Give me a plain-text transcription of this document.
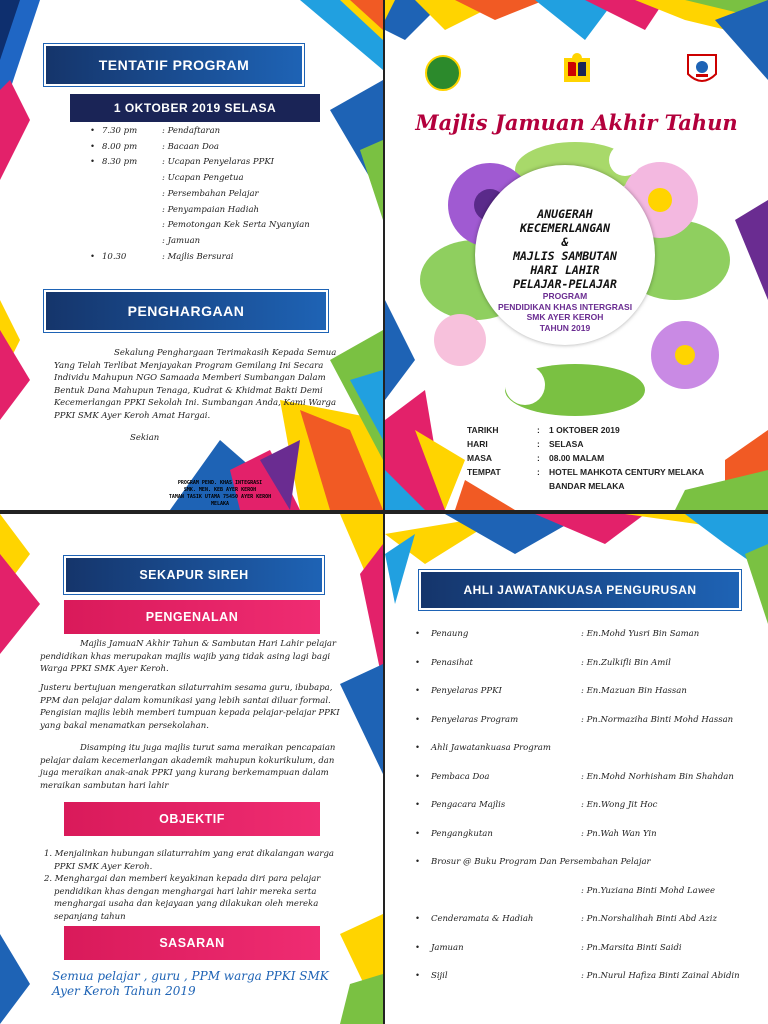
TENTATIF PROGRAM
1 OKTOBER 2019 SELASA
• 7.30 pm	: Pendaftaran
• 8.00 pm	: Bacaan Doa
• 8.30 pm	: Ucapan Penyelaras PPKI
: Ucapan Pengetua
: Persembahan Pelajar
: Penyampaian Hadiah
: Pemotongan Kek Serta Nyanyian
: Jamuan
• 10.30	: Majlis Bersurai
PENGHARGAAN
Sekalung Penghargaan Terimakasih Kepada Semua Yang Telah Terlibat Menjayakan Program Gemilang Ini Secara Individu Mahupun NGO Samaada Memberi Sumbangan Dalam Bentuk Dana Mahupun Tenaga, Kudrat & Khidmat Bakti Demi Kecemerlangan PPKI Sekolah Ini. Sumbangan Anda, Kami Warga PPKI SMK Ayer Keroh Amat Hargai.
Sekian
PROGRAM PEND. KHAS INTEGRASI
SMK. MEN. KEB AYER KEROH
TAMAN TASIK UTAMA 75450 AYER KEROH
MELAKA
Majlis Jamuan Akhir Tahun
ANUGERAH
KECEMERLANGAN
&
MAJLIS SAMBUTAN
HARI LAHIR
PELAJAR-PELAJAR
PROGRAM
PENDIDIKAN KHAS INTERGRASI
SMK AYER KEROH
TAHUN 2019
TARIKH	:	1 OKTOBER 2019
HARI	:	SELASA
MASA	:	08.00 MALAM
TEMPAT	:	HOTEL MAHKOTA CENTURY MELAKA
BANDAR MELAKA
SEKAPUR SIREH
PENGENALAN
Majlis JamuaN Akhir Tahun & Sambutan Hari Lahir pelajar pendidikan khas merupakan majlis wajib yang tidak asing lagi bagi Warga PPKI SMK Ayer Keroh.
Justeru bertujuan mengeratkan silaturrahim sesama guru, ibubapa, PPM dan pelajar dalam komunikasi yang lebih santai diluar formal. Pengisian majlis lebih memberi tumpuan kepada pelajar-pelajar PPKI yang bakal menamatkan persekolahan.
Disamping itu juga majlis turut sama meraikan pencapaian pelajar dalam kecemerlangan akademik mahupun kokurikulum, dan juga meraikan anak-anak PPKI yang kurang berkemampuan dalam meraikan sambutan hari lahir
OBJEKTIF
1. Menjalinkan hubungan silaturrahim yang erat dikalangan warga PPKI SMK Ayer Keroh.
2. Menghargai dan memberi keyakinan kepada diri para pelajar pendidikan khas dengan menghargai hari lahir mereka serta menghargai usaha dan kejayaan yang dilakukan oleh mereka sepanjang tahun
SASARAN
Semua pelajar , guru , PPM warga PPKI SMK Ayer Keroh Tahun 2019
AHLI JAWATANKUASA PENGURUSAN
•	Penaung	: En.Mohd Yusri Bin Saman
•	Penasihat	: En.Zulkifli Bin Amil
•	Penyelaras PPKI	: En.Mazuan Bin Hassan
•	Penyelaras Program	: Pn.Normaziha Binti Mohd Hassan
•	Ahli Jawatankuasa Program
•	Pembaca Doa	: En.Mohd Norhisham Bin Shahdan
•	Pengacara Majlis	: En.Wong Jit Hoc
•	Pengangkutan	: Pn.Wah Wan Yin
•	Brosur @ Buku Program Dan Persembahan Pelajar
: Pn.Yuziana Binti Mohd Lawee
•	Cenderamata & Hadiah	: Pn.Norshalihah Binti Abd Aziz
•	Jamuan	: Pn.Marsita Binti Saidi
•	Sijil	: Pn.Nurul Hafiza Binti Zainal Abidin
